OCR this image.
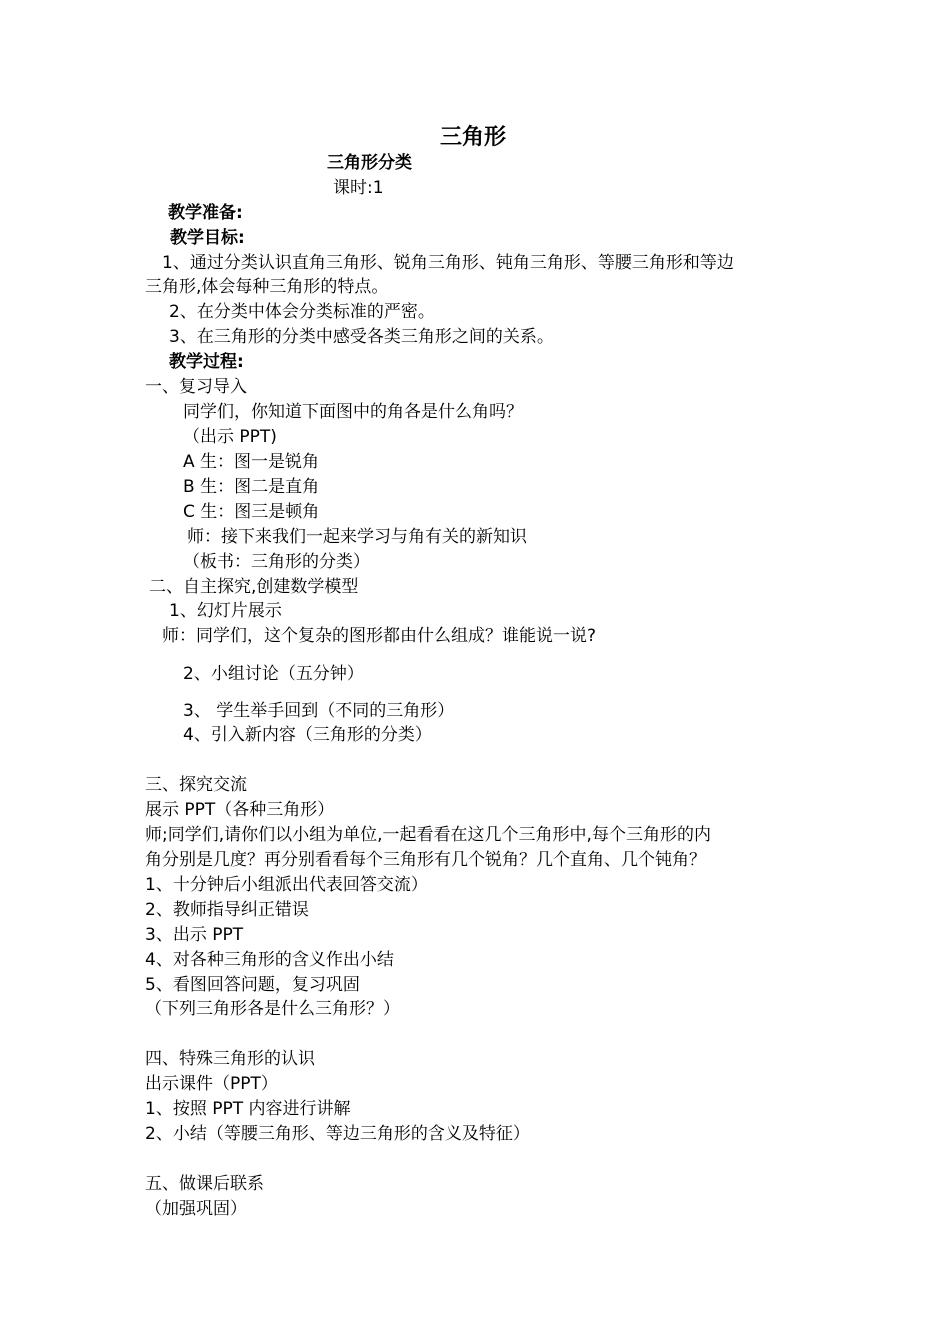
三角形
三角形分类
课时:1
教学准备:
教学目标:
1、通过分类认识直角三角形、锐角三角形、钝角三角形、等腰三角形和等边
三角形,体会每种三角形的特点。
2、在分类中体会分类标准的严密。
3、在三角形的分类中感受各类三角形之间的关系。
教学过程:
一、复习导入
同学们，你知道下面图中的角各是什么角吗？
（出示 PPT)
A 生：图一是锐角
B 生：图二是直角
C 生：图三是顿角
师：接下来我们一起来学习与角有关的新知识
（板书：三角形的分类）
二、自主探究,创建数学模型
1、幻灯片展示
师：同学们，这个复杂的图形都由什么组成？谁能说一说?
2、小组讨论（五分钟）
3、 学生举手回到（不同的三角形）
4、引入新内容（三角形的分类）
三、探究交流
展示 PPT（各种三角形）
师;同学们,请你们以小组为单位,一起看看在这几个三角形中,每个三角形的内
角分别是几度？再分别看看每个三角形有几个锐角？几个直角、几个钝角？
1、十分钟后小组派出代表回答交流）
2、教师指导纠正错误
3、出示 PPT
4、对各种三角形的含义作出小结
5、看图回答问题，复习巩固
（下列三角形各是什么三角形？）
四、特殊三角形的认识
出示课件（PPT）
1、按照 PPT 内容进行讲解
2、小结（等腰三角形、等边三角形的含义及特征）
五、做课后联系
（加强巩固）
